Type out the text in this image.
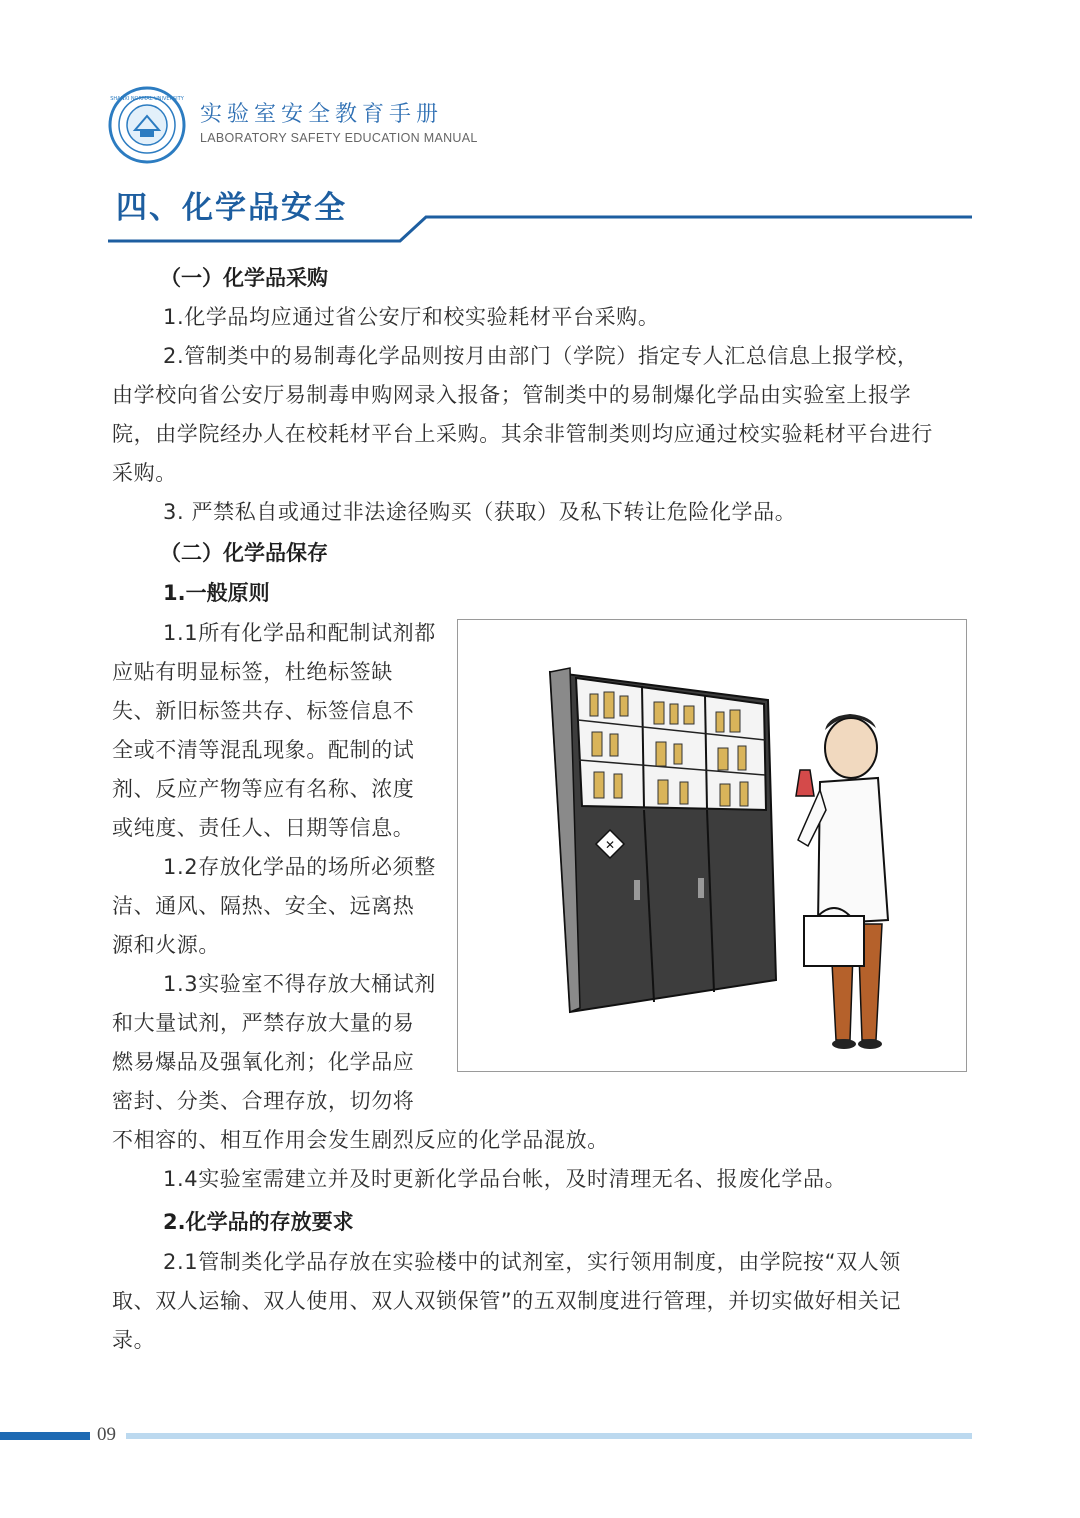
SHANXI NORMAL UNIVERSITY
实验室安全教育手册
LABORATORY SAFETY EDUCATION MANUAL
四、化学品安全
（一）化学品采购
1.化学品均应通过省公安厅和校实验耗材平台采购。
2.管制类中的易制毒化学品则按月由部门（学院）指定专人汇总信息上报学校，
由学校向省公安厅易制毒申购网录入报备；管制类中的易制爆化学品由实验室上报学
院，由学院经办人在校耗材平台上采购。其余非管制类则均应通过校实验耗材平台进行
采购。
3. 严禁私自或通过非法途径购买（获取）及私下转让危险化学品。
（二）化学品保存
1.一般原则
1.1所有化学品和配制试剂都
应贴有明显标签，杜绝标签缺
失、新旧标签共存、标签信息不
全或不清等混乱现象。配制的试
剂、反应产物等应有名称、浓度
或纯度、责任人、日期等信息。
1.2存放化学品的场所必须整
洁、通风、隔热、安全、远离热
源和火源。
1.3实验室不得存放大桶试剂
和大量试剂，严禁存放大量的易
燃易爆品及强氧化剂；化学品应
密封、分类、合理存放，切勿将
不相容的、相互作用会发生剧烈反应的化学品混放。
1.4实验室需建立并及时更新化学品台帐，及时清理无名、报废化学品。
2.化学品的存放要求
2.1管制类化学品存放在实验楼中的试剂室，实行领用制度，由学院按“双人领
取、双人运输、双人使用、双人双锁保管”的五双制度进行管理，并切实做好相关记
录。
✕
09
